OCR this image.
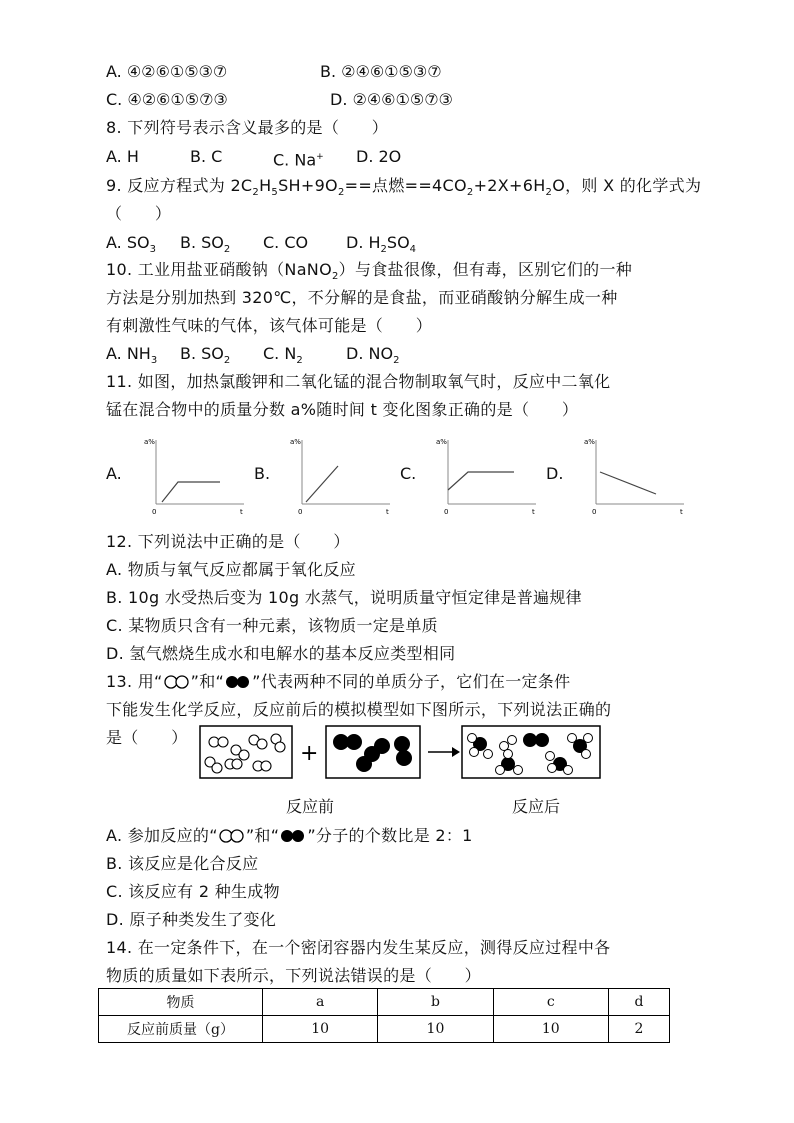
A. ④②⑥①⑤③⑦	B. ②④⑥①⑤③⑦
C. ④②⑥①⑤⑦③	D. ②④⑥①⑤⑦③
8. 下列符号表示含义最多的是（　　）
A. H	B. C	C. Na+ D. 2O
9. 反应方程式为 $2C_2H_5SH+9O_2==$点燃$==4CO_2+2X+6H_2O$，则 X 的化学式为
（　　）
A. $SO_3$ B. $SO_2$ C. CO D. $H_2SO_4$
10. 工业用盐亚硝酸钠（NaNO$_2$）与食盐很像，但有毒，区别它们的一种
方法是分别加热到 320℃，不分解的是食盐，而亚硝酸钠分解生成一种
有刺激性气味的气体，该气体可能是（　　）
A. $NH_3$ B. $SO_2$ C. $N_2$	D. $NO_2$
11. 如图，加热氯酸钾和二氧化锰的混合物制取氧气时，反应中二氧化
锰在混合物中的质量分数 a%随时间 t 变化图象正确的是（　　）
A.	B.	C.	D.
a%
0	t
a%
0	t
a%
0	t
a%
0	t
12. 下列说法中正确的是（　　）
A. 物质与氧气反应都属于氧化反应
B. 10g 水受热后变为 10g 水蒸气，说明质量守恒定律是普遍规律
C. 某物质只含有一种元素，该物质一定是单质
D. 氢气燃烧生成水和电解水的基本反应类型相同
13. 用“ ”和“ ”代表两种不同的单质分子，它们在一定条件
下能发生化学反应，反应前后的模拟模型如下图所示，下列说法正确的
是（　　）
+
反应前	反应后
A. 参加反应的“ ”和“ ”分子的个数比是 2：1
B. 该反应是化合反应
C. 该反应有 2 种生成物
D. 原子种类发生了变化
14. 在一定条件下，在一个密闭容器内发生某反应，测得反应过程中各
物质的质量如下表所示，下列说法错误的是（　　）
物质	a	b	c	d
反应前质量（g）	10	10	10	2
